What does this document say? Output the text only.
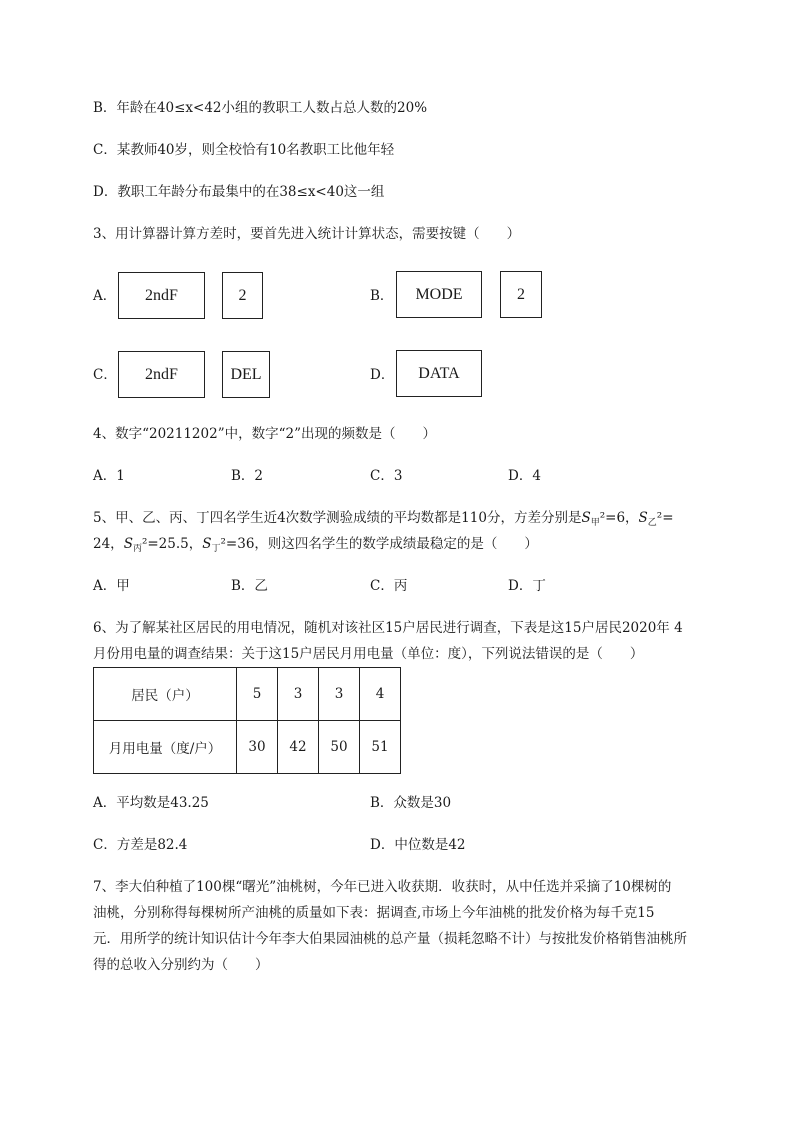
B．年龄在40≤x<42小组的教职工人数占总人数的20%
C．某教师40岁，则全校恰有10名教职工比他年轻
D．教职工年龄分布最集中的在38≤x<40这一组
3、用计算器计算方差时，要首先进入统计计算状态，需要按键（　　）
A．	2ndF	2	B．	MODE	2
C．	2ndF	DEL	D．	DATA
4、数字“20211202”中，数字“2”出现的频数是（　　）
A．1	B．2	C．3	D．4
5、甲、乙、丙、丁四名学生近4次数学测验成绩的平均数都是110分，方差分别是$S_甲^2=6$，$S_乙^2=$
24，$S_丙^2=25.5$，$S_丁^2=36$，则这四名学生的数学成绩最稳定的是（　　）
A．甲	B．乙	C．丙	D．丁
6、为了解某社区居民的用电情况，随机对该社区15户居民进行调查，下表是这15户居民2020年 4
月份用电量的调查结果：关于这15户居民月用电量（单位：度），下列说法错误的是（　　）
居民（户）	5	3	3	4
月用电量（度/户）	30	42	50	51
A．平均数是43.25	B．众数是30
C．方差是82.4	D．中位数是42
7、李大伯种植了100棵“曙光”油桃树，今年已进入收获期．收获时，从中任选并采摘了10棵树的
油桃，分别称得每棵树所产油桃的质量如下表：据调查,市场上今年油桃的批发价格为每千克15
元．用所学的统计知识估计今年李大伯果园油桃的总产量（损耗忽略不计）与按批发价格销售油桃所
得的总收入分别约为（　　）
